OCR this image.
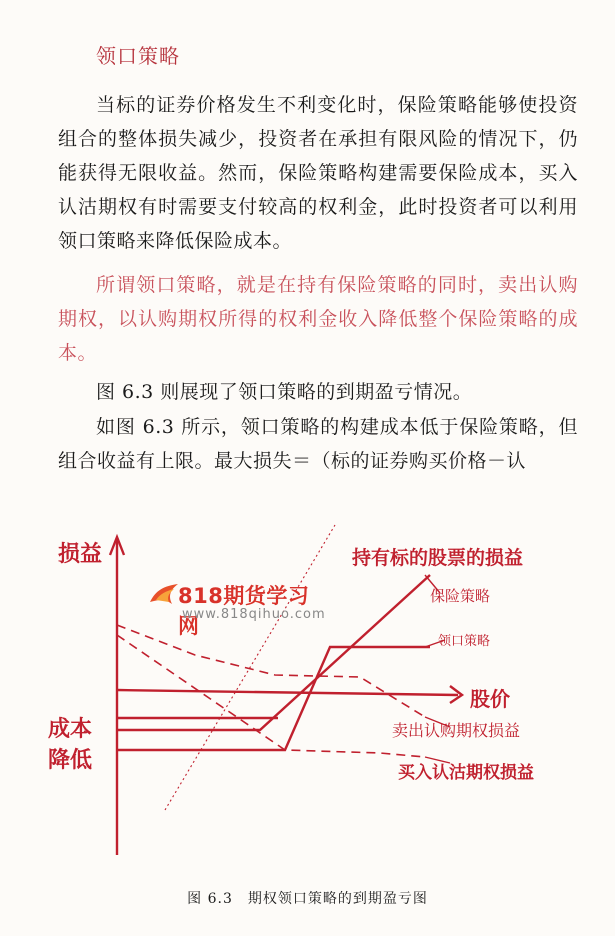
领口策略

当标的证券价格发生不利变化时，保险策略能够使投资组合的整体损失减少，投资者在承担有限风险的情况下，仍能获得无限收益。然而，保险策略构建需要保险成本，买入认沽期权有时需要支付较高的权利金，此时投资者可以利用领口策略来降低保险成本。

所谓领口策略，就是在持有保险策略的同时，卖出认购期权，以认购期权所得的权利金收入降低整个保险策略的成本。

图 6.3 则展现了领口策略的到期盈亏情况。

如图 6.3 所示，领口策略的构建成本低于保险策略，但组合收益有上限。最大损失＝（标的证券购买价格－认

损益
股价
成本
降低
持有标的股票的损益
保险策略
领口策略
卖出认购期权损益
买入认沽期权损益
818期货学习网
www.818qihuo.com
图 6.3　期权领口策略的到期盈亏图
